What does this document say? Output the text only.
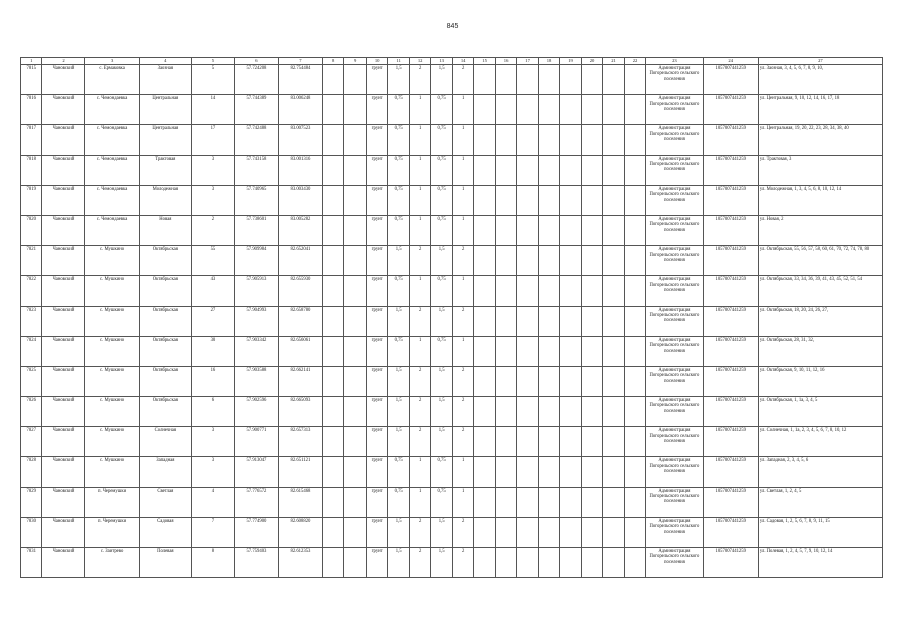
845
1	2	3	4	5	6	7	8	9	10	11	12	13	14	15	16	17	18	19	20	21	22	23	24	27
7815	Чановский	с. Ермаковка	Заозная	5	57.724208	82.754484			грунт	1,5	2	1,5	2									Администрация Погорельского сельского поселения	1057007441259	ул. Заозная, 3, 4, 5, 6, 7, 8, 9, 10,
7816	Чановский	с. Чемондаевка	Центральная	14	57.744389	83.006248			грунт	0,75	1	0,75	1									Администрация Погорельского сельского поселения	1057007441259	ул. Центральная, 9, 10, 12, 14, 16, 17, 18
7817	Чановский	с. Чемондаевка	Центральная	17	57.742488	83.007523			грунт	0,75	1	0,75	1									Администрация Погорельского сельского поселения	1057007441259	ул. Центральная, 19, 20, 22, 23, 28, 34, 38, 40
7818	Чановский	с. Чемондаевка	Трактовая	3	57.743158	83.001316			грунт	0,75	1	0,75	1									Администрация Погорельского сельского поселения	1057007441259	ул. Трактовая, 3
7819	Чановский	с. Чемондаевка	Молодежная	3	57.740965	83.003430			грунт	0,75	1	0,75	1									Администрация Погорельского сельского поселения	1057007441259	ул. Молодежная, 1, 3, 4, 5, 6, 8, 10, 12, 14
7820	Чановский	с. Чемондаевка	Новая	2	57.738601	83.005282			грунт	0,75	1	0,75	1									Администрация Погорельского сельского поселения	1057007441259	ул. Новая, 2
7821	Чановский	с. Мушкино	Октябрьская	55	57.909984	82.652041			грунт	1,5	2	1,5	2									Администрация Погорельского сельского поселения	1057007441259	ул. Октябрьская, 55, 56, 57, 58, 60, 61, 70, 72, 74, 78, 80
7822	Чановский	с. Мушкино	Октябрьская	43	57.905913	82.655930			грунт	0,75	1	0,75	1									Администрация Погорельского сельского поселения	1057007441259	ул. Октябрьская, 33, 34, 36, 39, 41, 43, 45, 52, 51, 54
7823	Чановский	с. Мушкино	Октябрьская	27	57.904993	82.658780			грунт	1,5	2	1,5	2									Администрация Погорельского сельского поселения	1057007441259	ул. Октябрьская, 18, 20, 24, 26, 27,
7824	Чановский	с. Мушкино	Октябрьская	30	57.903342	82.656061			грунт	0,75	1	0,75	1									Администрация Погорельского сельского поселения	1057007441259	ул. Октябрьская, 28, 31, 32,
7825	Чановский	с. Мушкино	Октябрьская	16	57.903588	82.662141			грунт	1,5	2	1,5	2									Администрация Погорельского сельского поселения	1057007441259	ул. Октябрьская, 9, 10, 11, 12, 16
7826	Чановский	с. Мушкино	Октябрьская	6	57.902596	82.665093			грунт	1,5	2	1,5	2									Администрация Погорельского сельского поселения	1057007441259	ул. Октябрьская, 1, 1а, 3, 4, 5
7827	Чановский	с. Мушкино	Солнечная	3	57.900771	82.657313			грунт	1,5	2	1,5	2									Администрация Погорельского сельского поселения	1057007441259	ул. Солнечная, 1, 1а, 2, 3, 4, 5, 6, 7, 8, 10, 12
7828	Чановский	с. Мушкино	Западная	3	57.913047	82.651121			грунт	0,75	1	0,75	1									Администрация Погорельского сельского поселения	1057007441259	ул. Западная, 2, 3, 4, 5, 6
7829	Чановский	п. Черемушки	Светлая	4	57.776572	82.615468			грунт	0,75	1	0,75	1									Администрация Погорельского сельского поселения	1057007441259	ул. Светлая, 1, 2, 4, 5
7830	Чановский	п. Черемушки	Садовая	7	57.774900	82.608820			грунт	1,5	2	1,5	2									Администрация Погорельского сельского поселения	1057007441259	ул. Садовая, 1, 2, 5, 6, 7, 8, 9, 11, 15
7831	Чановский	с. Заитрево	Полевая	8	57.759403	82.612353			грунт	1,5	2	1,5	2									Администрация Погорельского сельского поселения	1057007441259	ул. Полевая, 1, 2, 4, 5, 7, 9, 10, 12, 14
